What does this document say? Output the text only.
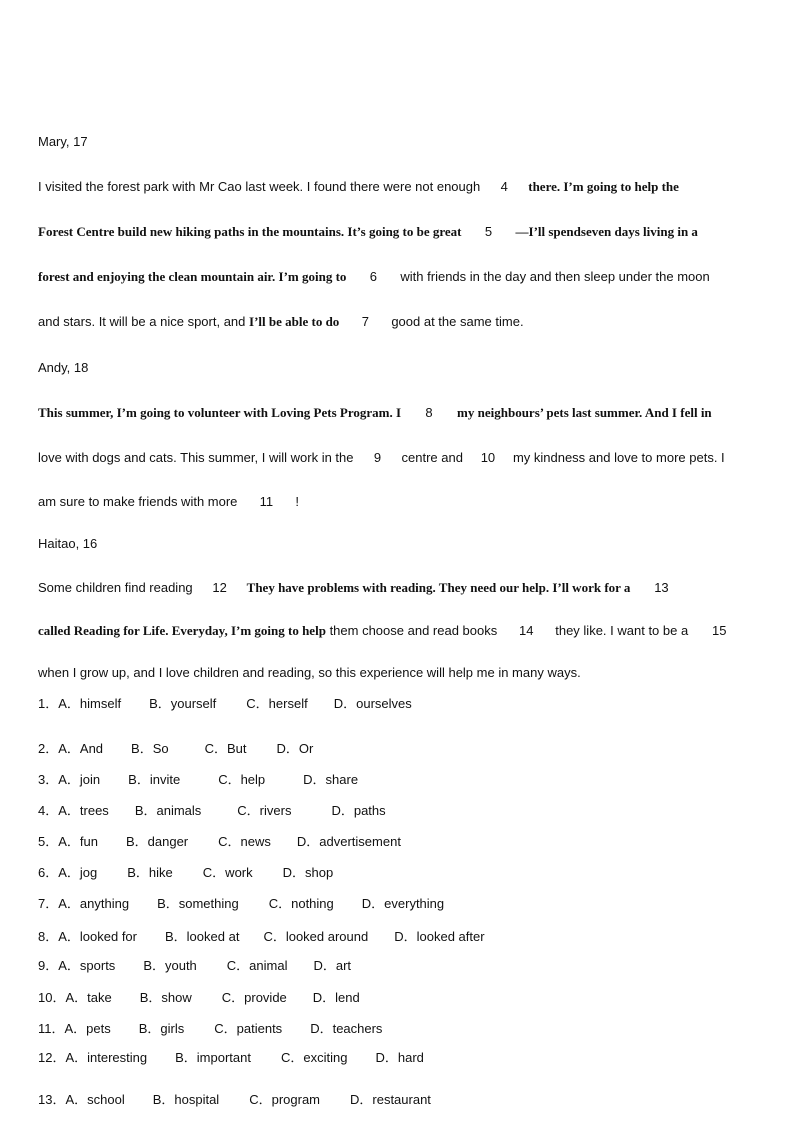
Mary, 17
I visited the forest park with Mr Cao last week. I found there were not enough 4 there. I’m going to help the
Forest Centre build new hiking paths in the mountains. It’s going to be great 5 —I’ll spendseven days living in a
forest and enjoying the clean mountain air. I’m going to 6 with friends in the day and then sleep under the moon
and stars. It will be a nice sport, and I’ll be able to do 7 good at the same time.
Andy, 18
This summer, I’m going to volunteer with Loving Pets Program. I 8 my neighbours’ pets last summer. And I fell in
love with dogs and cats. This summer, I will work in the 9 centre and 10 my kindness and love to more pets. I
am sure to make friends with more 11 !
Haitao, 16
Some children find reading 12 They have problems with reading. They need our help. I’ll work for a 13
called Reading for Life. Everyday, I’m going to help them choose and read books 14 they like. I want to be a 15
when I grow up, and I love children and reading, so this experience will help me in many ways.
1．A．himself B．yourself C．herself D．ourselves
2．A．And B．So	C．But D．Or
3．A．join B．invite	C．help	D．share
4．A．trees B．animals	C．rivers	D．paths
5．A．fun B．danger C．news D．advertisement
6．A．jog B．hike C．work D．shop
7．A．anything B．something C．nothing D．everything
8．A．looked for B．looked at C．looked around D．looked after
9．A．sports B．youth C．animal D．art
10．A．take B．show C．provide D．lend
11．A．pets B．girls C．patients D．teachers
12．A．interesting B．important C．exciting D．hard
13．A．school B．hospital C．program D．restaurant
